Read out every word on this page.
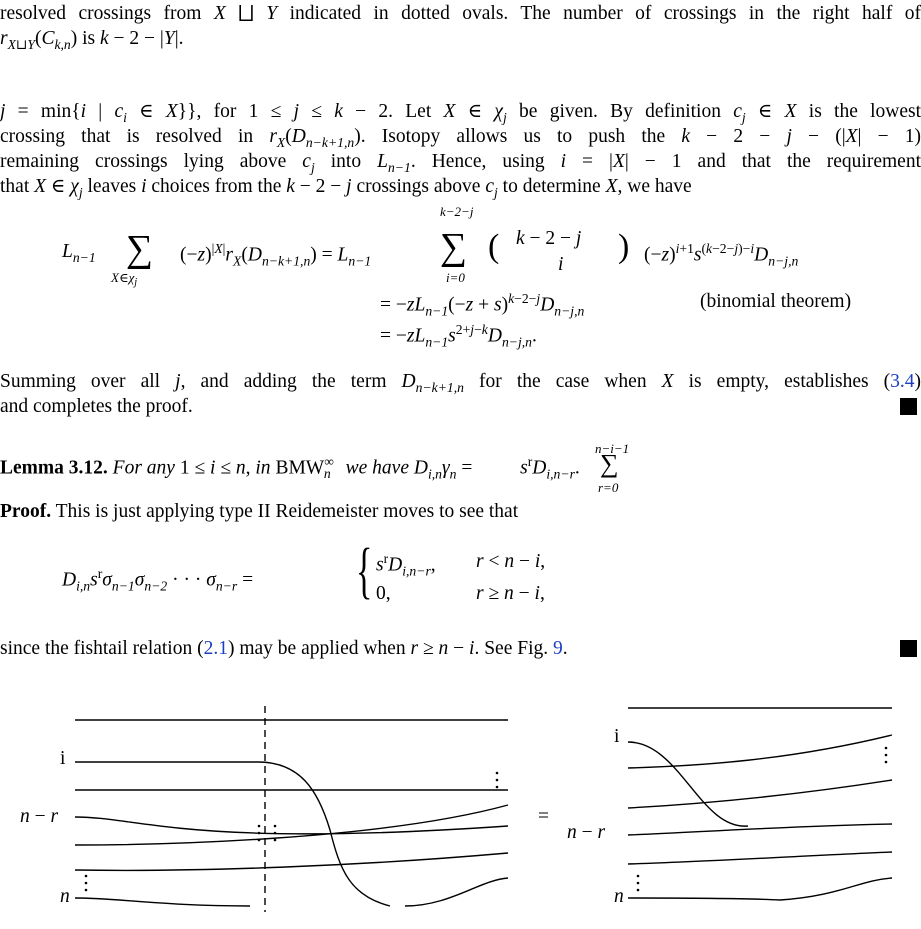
resolved crossings from X ⨆ Y indicated in dotted ovals. The number of crossings in the right half of
$r_{X⊔Y}(C_{k,n})$ is k − 2 − |Y|.
j = min{i | $c_i$ ∈ X}}, for 1 ≤ j ≤ k − 2. Let X ∈ $\chi_j$ be given. By definition $c_j$ ∈ X is the lowest
crossing that is resolved in $r_X(D_{n-k+1,n})$. Isotopy allows us to push the k − 2 − j − (|X| − 1)
remaining crossings lying above $c_j$ into $L_{n-1}$. Hence, using i = |X| − 1 and that the requirement
that X ∈ $\chi_j$ leaves i choices from the k − 2 − j crossings above $c_j$ to determine X, we have
$L_{n-1}$ ∑
$X\in\chi_j$
$(-z)^{|X|}r_X(D_{n-k+1,n}) = L_{n-1}$
k−2−j
∑
i=0
( k − 2 − j
i ) $(-z)^{i+1}s^{(k-2-j)-i}D_{n-j,n}$
= $-zL_{n-1}(-z + s)^{k-2-j}D_{n-j,n}$	(binomial theorem)
= $-zL_{n-1}s^{2+j-k}D_{n-j,n}$.
Summing over all j, and adding the term $D_{n-k+1,n}$ for the case when X is empty, establishes (3.4)
and completes the proof.
Lemma 3.12. For any 1 ≤ i ≤ n, in $BMW^\infty_n$ we have $D_{i,n}\gamma_n = s^rD_{i,n-r}$.
n−i−1
∑
r=0
Proof. This is just applying type II Reidemeister moves to see that
$D_{i,n}s^r\sigma_{n-1}\sigma_{n-2}$ · · · $\sigma_{n-r}$ = { $s^rD_{i,n-r}$, r < n − i,
0,	r ≥ n − i,
since the fishtail relation (2.1) may be applied when r ≥ n − i. See Fig. 9.
i
n − r
n
=
i
n − r
n
